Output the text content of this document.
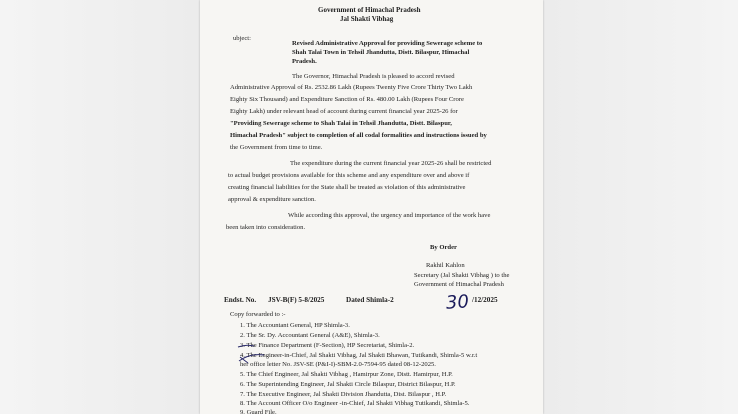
Government of Himachal Pradesh
Jal Shakti Vibhag
ubject:
Revised Administrative Approval for providing Sewerage scheme to
Shah Talai Town in Tehsil Jhandutta, Distt. Bilaspur, Himachal
Pradesh.
The Governor, Himachal Pradesh is pleased to accord revised
Administrative Approval of Rs. 2532.86 Lakh (Rupees Twenty Five Crore Thirty Two Lakh
Eighty Six Thousand) and Expenditure Sanction of Rs. 480.00 Lakh (Rupees Four Crore
Eighty Lakh) under relevant head of account during current financial year 2025-26 for
"Providing Sewerage scheme to Shah Talai in Tehsil Jhandutta, Distt. Bilaspur,
Himachal Pradesh" subject to completion of all codal formalities and instructions issued by
the Government from time to time.
The expenditure during the current financial year 2025-26 shall be restricted
to actual budget provisions available for this scheme and any expenditure over and above if
creating financial liabilities for the State shall be treated as violation of this administrative
approval & expenditure sanction.
While according this approval, the urgency and importance of the work have
been taken into consideration.
By Order
Rakhil Kahlon
Secretary (Jal Shakti Vibhag ) to the
Government of Himachal Pradesh
Endst. No. JSV-B(F) 5-8/2025	Dated Shimla-2	30 /12/2025
Copy forwarded to :-
1. The Accountant General, HP Shimla-3.
2. The Sr. Dy. Accountant General (A&E), Shimla-3.
3. The Finance Department (F-Section), HP Secretariat, Shimla-2.
4. The Engineer-in-Chief, Jal Shakti Vibhag, Jal Shakti Bhawan, Tutikandi, Shimla-5 w.r.t
her office letter No. JSV-SE (P&I-I)-SBM-2.0-7594-95 dated 08-12-2025.
5. The Chief Engineer, Jal Shakti Vibhag , Hamirpur Zone, Distt. Hamirpur, H.P.
6. The Superintending Engineer, Jal Shakti Circle Bilaspur, District Bilaspur, H.P.
7. The Executive Engineer, Jal Shakti Division Jhandutta, Dist. Bilaspur , H.P.
8. The Account Officer O/o Engineer -in-Chief, Jal Shakti Vibhag Tutikandi, Shimla-5.
9. Guard File.
